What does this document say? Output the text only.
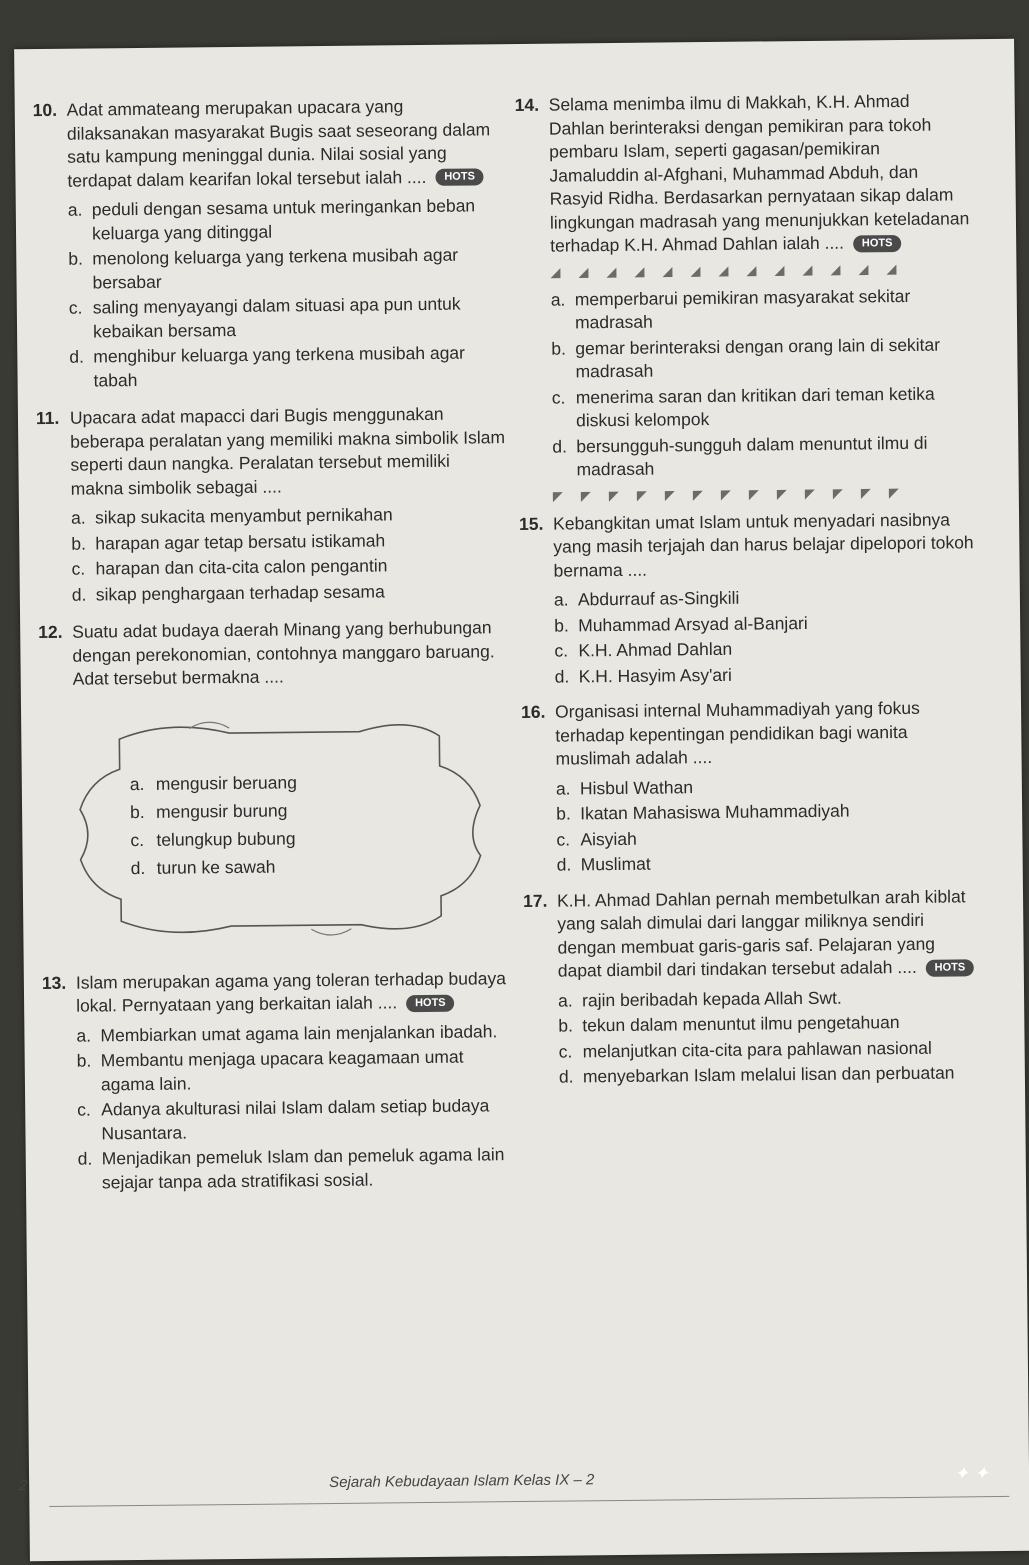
10. Adat ammateang merupakan upacara yang dilaksanakan masyarakat Bugis saat seseorang dalam satu kampung meninggal dunia. Nilai sosial yang terdapat dalam kearifan lokal tersebut ialah .... HOTS
a. peduli dengan sesama untuk meringankan beban keluarga yang ditinggal
b. menolong keluarga yang terkena musibah agar bersabar
c. saling menyayangi dalam situasi apa pun untuk kebaikan bersama
d. menghibur keluarga yang terkena musibah agar tabah
11. Upacara adat mapacci dari Bugis menggunakan beberapa peralatan yang memiliki makna simbolik Islam seperti daun nangka. Peralatan tersebut memiliki makna simbolik sebagai ....
a. sikap sukacita menyambut pernikahan
b. harapan agar tetap bersatu istikamah
c. harapan dan cita-cita calon pengantin
d. sikap penghargaan terhadap sesama
12. Suatu adat budaya daerah Minang yang berhubungan dengan perekonomian, contohnya manggaro baruang. Adat tersebut bermakna ....
a. mengusir beruang
b. mengusir burung
c. telungkup bubung
d. turun ke sawah
13. Islam merupakan agama yang toleran terhadap budaya lokal. Pernyataan yang berkaitan ialah .... HOTS
a. Membiarkan umat agama lain menjalankan ibadah.
b. Membantu menjaga upacara keagamaan umat agama lain.
c. Adanya akulturasi nilai Islam dalam setiap budaya Nusantara.
d. Menjadikan pemeluk Islam dan pemeluk agama lain sejajar tanpa ada stratifikasi sosial.
14. Selama menimba ilmu di Makkah, K.H. Ahmad Dahlan berinteraksi dengan pemikiran para tokoh pembaru Islam, seperti gagasan/pemikiran Jamaluddin al-Afghani, Muhammad Abduh, dan Rasyid Ridha. Berdasarkan pernyataan sikap dalam lingkungan madrasah yang menunjukkan keteladanan terhadap K.H. Ahmad Dahlan ialah .... HOTS
◢◢◢◢◢◢◢◢◢◢◢◢◢
a. memperbarui pemikiran masyarakat sekitar madrasah
b. gemar berinteraksi dengan orang lain di sekitar madrasah
c. menerima saran dan kritikan dari teman ketika diskusi kelompok
d. bersungguh-sungguh dalam menuntut ilmu di madrasah
◤◤◤◤◤◤◤◤◤◤◤◤◤
15. Kebangkitan umat Islam untuk menyadari nasibnya yang masih terjajah dan harus belajar dipelopori tokoh bernama ....
a. Abdurrauf as-Singkili
b. Muhammad Arsyad al-Banjari
c. K.H. Ahmad Dahlan
d. K.H. Hasyim Asy'ari
16. Organisasi internal Muhammadiyah yang fokus terhadap kepentingan pendidikan bagi wanita muslimah adalah ....
a. Hisbul Wathan
b. Ikatan Mahasiswa Muhammadiyah
c. Aisyiah
d. Muslimat
17. K.H. Ahmad Dahlan pernah membetulkan arah kiblat yang salah dimulai dari langgar miliknya sendiri dengan membuat garis-garis saf. Pelajaran yang dapat diambil dari tindakan tersebut adalah .... HOTS
a. rajin beribadah kepada Allah Swt.
b. tekun dalam menuntut ilmu pengetahuan
c. melanjutkan cita-cita para pahlawan nasional
d. menyebarkan Islam melalui lisan dan perbuatan
2	Sejarah Kebudayaan Islam Kelas IX – 2	✦ ✦
